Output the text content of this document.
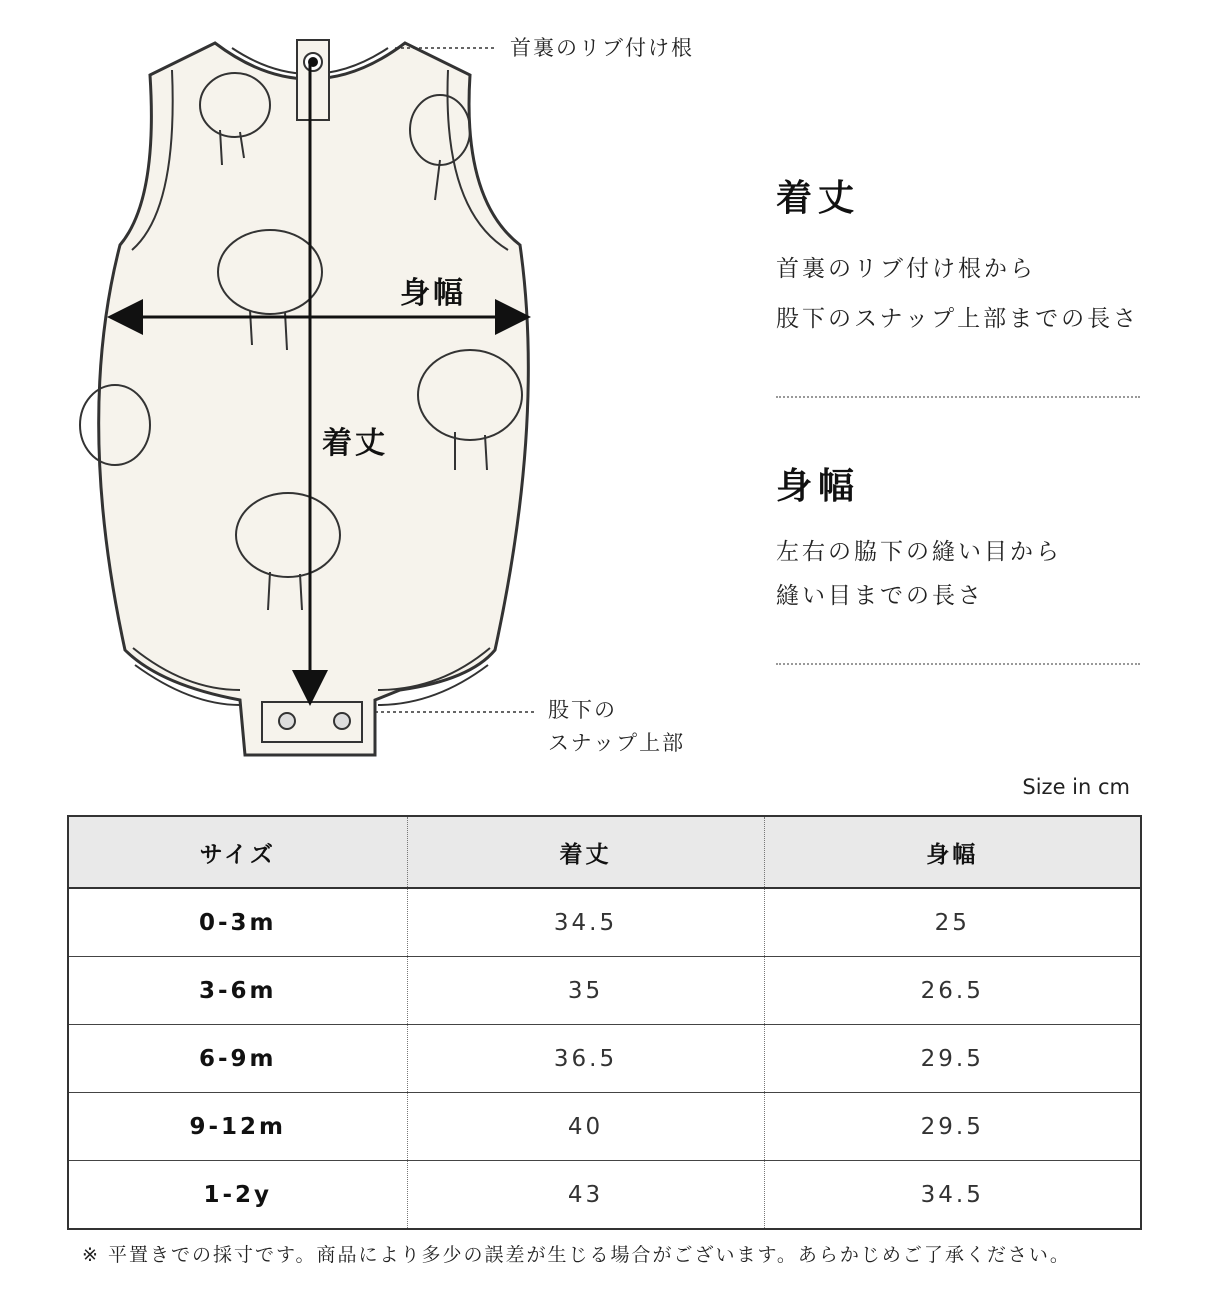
首裏のリブ付け根
股下の
スナップ上部
身幅
着丈
着丈
首裏のリブ付け根から
股下のスナップ上部までの長さ
身幅
左右の脇下の縫い目から
縫い目までの長さ
Size in cm
サイズ	着丈	身幅
0-3m	34.5	25
3-6m	35	26.5
6-9m	36.5	29.5
9-12m	40	29.5
1-2y	43	34.5
※ 平置きでの採寸です。商品により多少の誤差が生じる場合がございます。あらかじめご了承ください。
